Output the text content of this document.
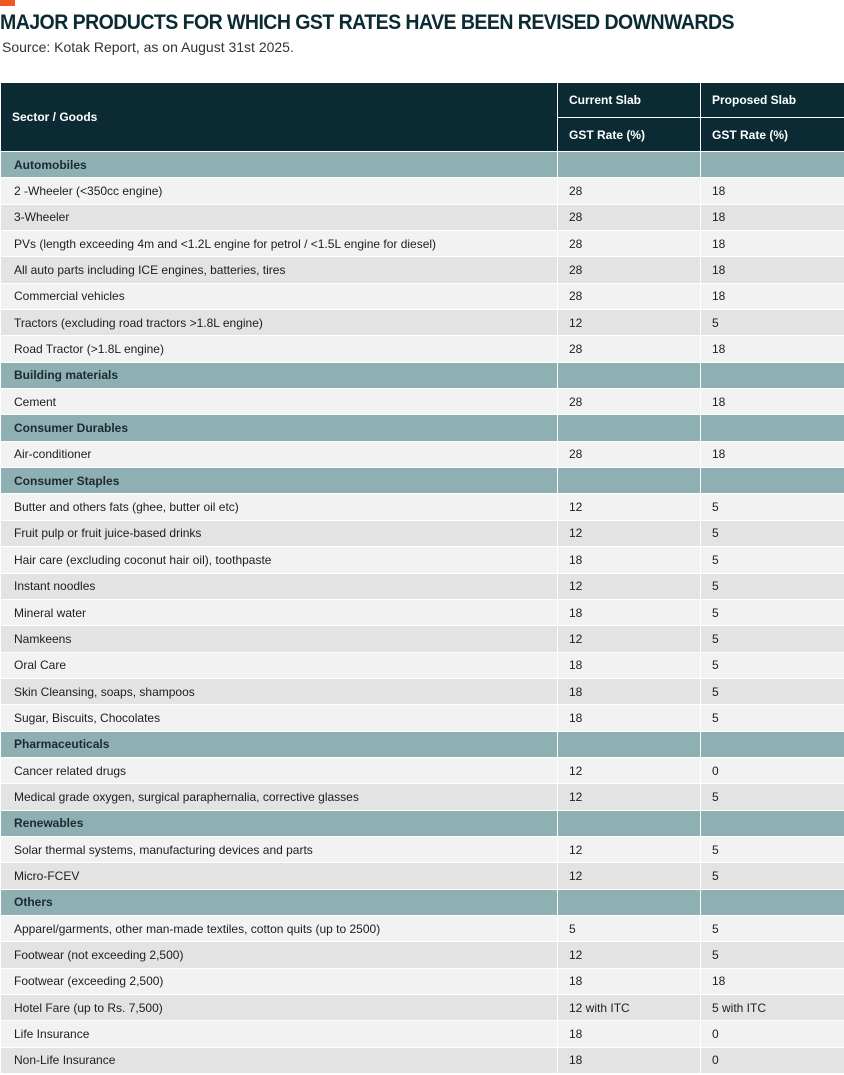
MAJOR PRODUCTS FOR WHICH GST RATES HAVE BEEN REVISED DOWNWARDS
Source: Kotak Report, as on August 31st 2025.
Sector / Goods	Current Slab	Proposed Slab
	GST Rate (%)	GST Rate (%)
Automobiles		
2 -Wheeler (<350cc engine)	28	18
3-Wheeler	28	18
PVs (length exceeding 4m and <1.2L engine for petrol / <1.5L engine for diesel)	28	18
All auto parts including ICE engines, batteries, tires	28	18
Commercial vehicles	28	18
Tractors (excluding road tractors >1.8L engine)	12	5
Road Tractor (>1.8L engine)	28	18
Building materials		
Cement	28	18
Consumer Durables		
Air-conditioner	28	18
Consumer Staples		
Butter and others fats (ghee, butter oil etc)	12	5
Fruit pulp or fruit juice-based drinks	12	5
Hair care (excluding coconut hair oil), toothpaste	18	5
Instant noodles	12	5
Mineral water	18	5
Namkeens	12	5
Oral Care	18	5
Skin Cleansing, soaps, shampoos	18	5
Sugar, Biscuits, Chocolates	18	5
Pharmaceuticals		
Cancer related drugs	12	0
Medical grade oxygen, surgical paraphernalia, corrective glasses	12	5
Renewables		
Solar thermal systems, manufacturing devices and parts	12	5
Micro-FCEV	12	5
Others		
Apparel/garments, other man-made textiles, cotton quits (up to 2500)	5	5
Footwear (not exceeding 2,500)	12	5
Footwear (exceeding 2,500)	18	18
Hotel Fare (up to Rs. 7,500)	12 with ITC	5 with ITC
Life Insurance	18	0
Non-Life Insurance	18	0
